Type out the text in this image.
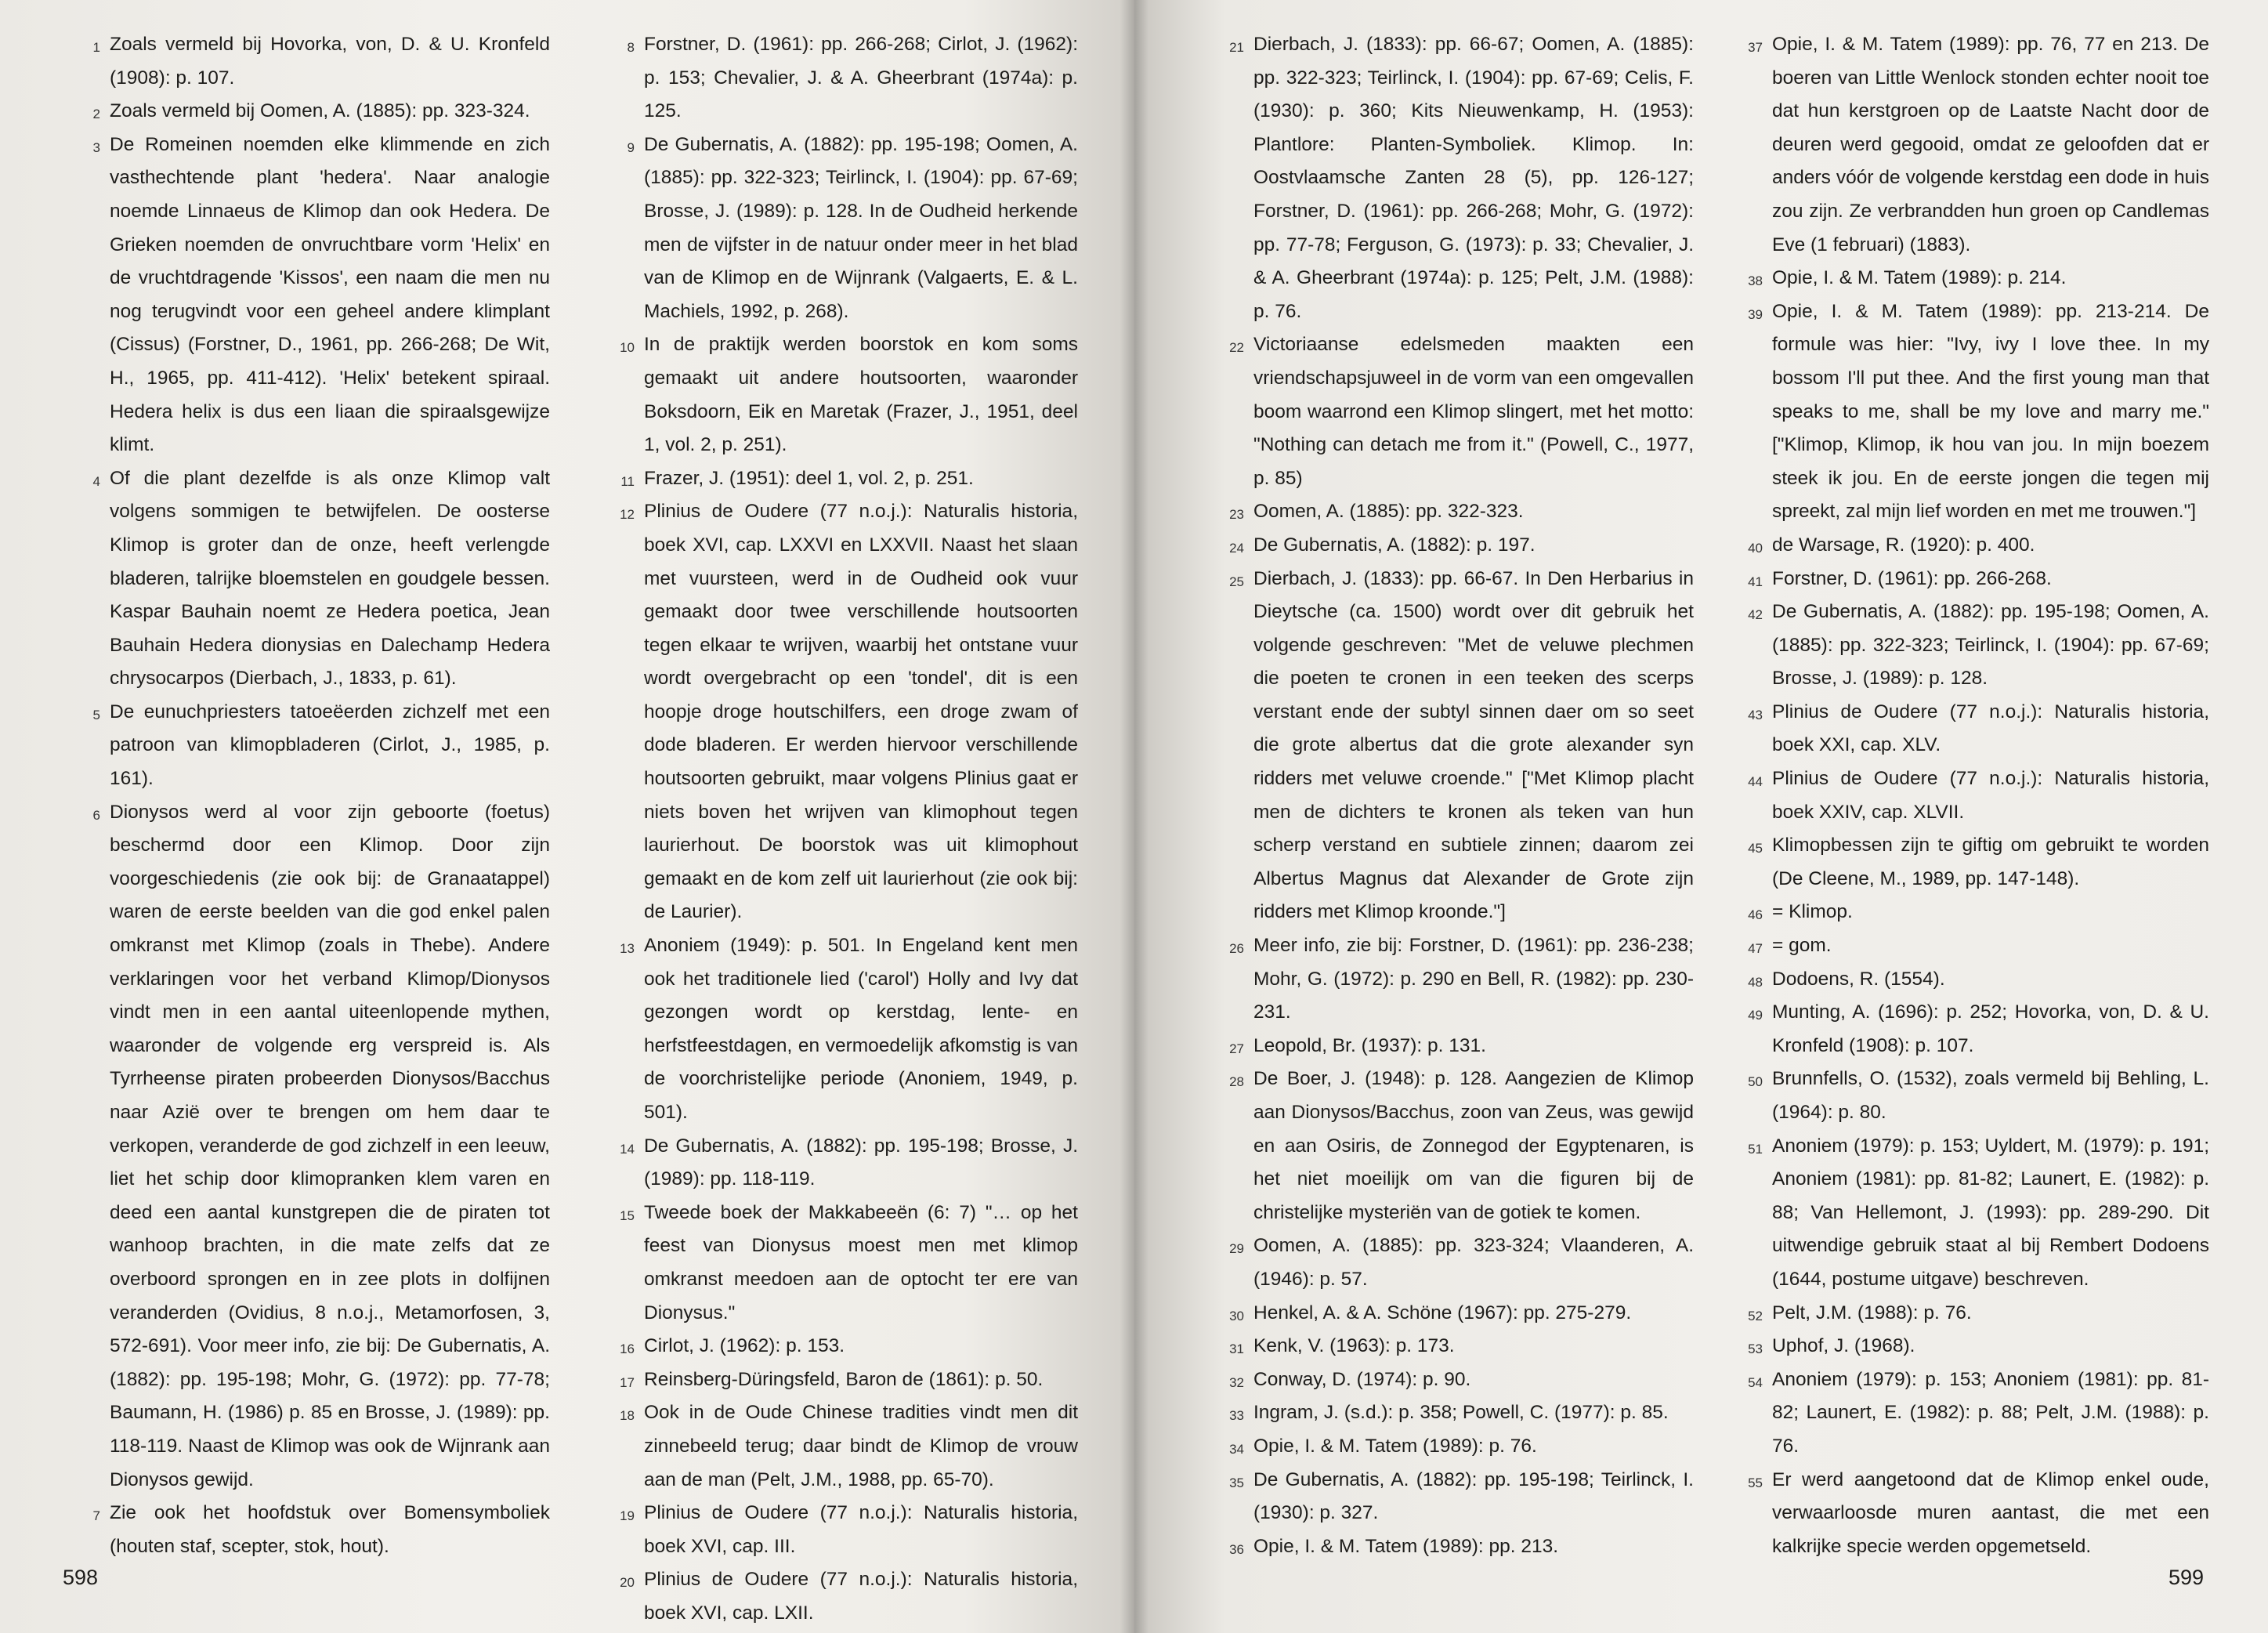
1 Zoals vermeld bij Hovorka, von, D. & U. Kronfeld (1908): p. 107.

2 Zoals vermeld bij Oomen, A. (1885): pp. 323-324.

3 De Romeinen noemden elke klimmende en zich vasthechtende plant 'hedera'. Naar analogie noemde Linnaeus de Klimop dan ook Hedera. De Grieken noemden de onvruchtbare vorm 'Helix' en de vruchtdragende 'Kissos', een naam die men nu nog terugvindt voor een geheel andere klimplant (Cissus) (Forstner, D., 1961, pp. 266-268; De Wit, H., 1965, pp. 411-412). 'Helix' betekent spiraal. Hedera helix is dus een liaan die spiraalsgewijze klimt.

4 Of die plant dezelfde is als onze Klimop valt volgens sommigen te betwijfelen. De oosterse Klimop is groter dan de onze, heeft verlengde bladeren, talrijke bloemstelen en goudgele bessen. Kaspar Bauhain noemt ze Hedera poetica, Jean Bauhain Hedera dionysias en Dalechamp Hedera chrysocarpos (Dierbach, J., 1833, p. 61).

5 De eunuchpriesters tatoeëerden zichzelf met een patroon van klimopbladeren (Cirlot, J., 1985, p. 161).

6 Dionysos werd al voor zijn geboorte (foetus) beschermd door een Klimop. Door zijn voorgeschiedenis (zie ook bij: de Granaatappel) waren de eerste beelden van die god enkel palen omkranst met Klimop (zoals in Thebe). Andere verklaringen voor het verband Klimop/Dionysos vindt men in een aantal uiteenlopende mythen, waaronder de volgende erg verspreid is. Als Tyrrheense piraten probeerden Dionysos/Bacchus naar Azië over te brengen om hem daar te verkopen, veranderde de god zichzelf in een leeuw, liet het schip door klimopranken klem varen en deed een aantal kunstgrepen die de piraten tot wanhoop brachten, in die mate zelfs dat ze overboord sprongen en in zee plots in dolfijnen veranderden (Ovidius, 8 n.o.j., Metamorfosen, 3, 572-691). Voor meer info, zie bij: De Gubernatis, A. (1882): pp. 195-198; Mohr, G. (1972): pp. 77-78; Baumann, H. (1986) p. 85 en Brosse, J. (1989): pp. 118-119. Naast de Klimop was ook de Wijnrank aan Dionysos gewijd.

7 Zie ook het hoofdstuk over Bomensymboliek (houten staf, scepter, stok, hout).

8 Forstner, D. (1961): pp. 266-268; Cirlot, J. (1962): p. 153; Chevalier, J. & A. Gheerbrant (1974a): p. 125.

9 De Gubernatis, A. (1882): pp. 195-198; Oomen, A. (1885): pp. 322-323; Teirlinck, I. (1904): pp. 67-69; Brosse, J. (1989): p. 128. In de Oudheid herkende men de vijfster in de natuur onder meer in het blad van de Klimop en de Wijnrank (Valgaerts, E. & L. Machiels, 1992, p. 268).

10 In de praktijk werden boorstok en kom soms gemaakt uit andere houtsoorten, waaronder Boksdoorn, Eik en Maretak (Frazer, J., 1951, deel 1, vol. 2, p. 251).

11 Frazer, J. (1951): deel 1, vol. 2, p. 251.

12 Plinius de Oudere (77 n.o.j.): Naturalis historia, boek XVI, cap. LXXVI en LXXVII. Naast het slaan met vuursteen, werd in de Oudheid ook vuur gemaakt door twee verschillende houtsoorten tegen elkaar te wrijven, waarbij het ontstane vuur wordt overgebracht op een 'tondel', dit is een hoopje droge houtschilfers, een droge zwam of dode bladeren. Er werden hiervoor verschillende houtsoorten gebruikt, maar volgens Plinius gaat er niets boven het wrijven van klimophout tegen laurierhout. De boorstok was uit klimophout gemaakt en de kom zelf uit laurierhout (zie ook bij: de Laurier).

13 Anoniem (1949): p. 501. In Engeland kent men ook het traditionele lied ('carol') Holly and Ivy dat gezongen wordt op kerstdag, lente- en herfstfeestdagen, en vermoedelijk afkomstig is van de voorchristelijke periode (Anoniem, 1949, p. 501).

14 De Gubernatis, A. (1882): pp. 195-198; Brosse, J. (1989): pp. 118-119.

15 Tweede boek der Makkabeeën (6: 7) "… op het feest van Dionysus moest men met klimop omkranst meedoen aan de optocht ter ere van Dionysus."

16 Cirlot, J. (1962): p. 153.

17 Reinsberg-Düringsfeld, Baron de (1861): p. 50.

18 Ook in de Oude Chinese tradities vindt men dit zinnebeeld terug; daar bindt de Klimop de vrouw aan de man (Pelt, J.M., 1988, pp. 65-70).

19 Plinius de Oudere (77 n.o.j.): Naturalis historia, boek XVI, cap. III.

20 Plinius de Oudere (77 n.o.j.): Naturalis historia, boek XVI, cap. LXII.

598

21 Dierbach, J. (1833): pp. 66-67; Oomen, A. (1885): pp. 322-323; Teirlinck, I. (1904): pp. 67-69; Celis, F. (1930): p. 360; Kits Nieuwenkamp, H. (1953): Plantlore: Planten-Symboliek. Klimop. In: Oostvlaamsche Zanten 28 (5), pp. 126-127; Forstner, D. (1961): pp. 266-268; Mohr, G. (1972): pp. 77-78; Ferguson, G. (1973): p. 33; Chevalier, J. & A. Gheerbrant (1974a): p. 125; Pelt, J.M. (1988): p. 76.

22 Victoriaanse edelsmeden maakten een vriendschapsjuweel in de vorm van een omgevallen boom waarrond een Klimop slingert, met het motto: "Nothing can detach me from it." (Powell, C., 1977, p. 85)

23 Oomen, A. (1885): pp. 322-323.

24 De Gubernatis, A. (1882): p. 197.

25 Dierbach, J. (1833): pp. 66-67. In Den Herbarius in Dieytsche (ca. 1500) wordt over dit gebruik het volgende geschreven: "Met de veluwe plechmen die poeten te cronen in een teeken des scerps verstant ende der subtyl sinnen daer om so seet die grote albertus dat die grote alexander syn ridders met veluwe croende." ["Met Klimop placht men de dichters te kronen als teken van hun scherp verstand en subtiele zinnen; daarom zei Albertus Magnus dat Alexander de Grote zijn ridders met Klimop kroonde."]

26 Meer info, zie bij: Forstner, D. (1961): pp. 236-238; Mohr, G. (1972): p. 290 en Bell, R. (1982): pp. 230-231.

27 Leopold, Br. (1937): p. 131.

28 De Boer, J. (1948): p. 128. Aangezien de Klimop aan Dionysos/Bacchus, zoon van Zeus, was gewijd en aan Osiris, de Zonnegod der Egyptenaren, is het niet moeilijk om van die figuren bij de christelijke mysteriën van de gotiek te komen.

29 Oomen, A. (1885): pp. 323-324; Vlaanderen, A. (1946): p. 57.

30 Henkel, A. & A. Schöne (1967): pp. 275-279.

31 Kenk, V. (1963): p. 173.

32 Conway, D. (1974): p. 90.

33 Ingram, J. (s.d.): p. 358; Powell, C. (1977): p. 85.

34 Opie, I. & M. Tatem (1989): p. 76.

35 De Gubernatis, A. (1882): pp. 195-198; Teirlinck, I. (1930): p. 327.

36 Opie, I. & M. Tatem (1989): pp. 213.

37 Opie, I. & M. Tatem (1989): pp. 76, 77 en 213. De boeren van Little Wenlock stonden echter nooit toe dat hun kerstgroen op de Laatste Nacht door de deuren werd gegooid, omdat ze geloofden dat er anders vóór de volgende kerstdag een dode in huis zou zijn. Ze verbrandden hun groen op Candlemas Eve (1 februari) (1883).

38 Opie, I. & M. Tatem (1989): p. 214.

39 Opie, I. & M. Tatem (1989): pp. 213-214. De formule was hier: "Ivy, ivy I love thee. In my bossom I'll put thee. And the first young man that speaks to me, shall be my love and marry me." ["Klimop, Klimop, ik hou van jou. In mijn boezem steek ik jou. En de eerste jongen die tegen mij spreekt, zal mijn lief worden en met me trouwen."]

40 de Warsage, R. (1920): p. 400.

41 Forstner, D. (1961): pp. 266-268.

42 De Gubernatis, A. (1882): pp. 195-198; Oomen, A. (1885): pp. 322-323; Teirlinck, I. (1904): pp. 67-69; Brosse, J. (1989): p. 128.

43 Plinius de Oudere (77 n.o.j.): Naturalis historia, boek XXI, cap. XLV.

44 Plinius de Oudere (77 n.o.j.): Naturalis historia, boek XXIV, cap. XLVII.

45 Klimopbessen zijn te giftig om gebruikt te worden (De Cleene, M., 1989, pp. 147-148).

46 = Klimop.

47 = gom.

48 Dodoens, R. (1554).

49 Munting, A. (1696): p. 252; Hovorka, von, D. & U. Kronfeld (1908): p. 107.

50 Brunnfells, O. (1532), zoals vermeld bij Behling, L. (1964): p. 80.

51 Anoniem (1979): p. 153; Uyldert, M. (1979): p. 191; Anoniem (1981): pp. 81-82; Launert, E. (1982): p. 88; Van Hellemont, J. (1993): pp. 289-290. Dit uitwendige gebruik staat al bij Rembert Dodoens (1644, postume uitgave) beschreven.

52 Pelt, J.M. (1988): p. 76.

53 Uphof, J. (1968).

54 Anoniem (1979): p. 153; Anoniem (1981): pp. 81-82; Launert, E. (1982): p. 88; Pelt, J.M. (1988): p. 76.

55 Er werd aangetoond dat de Klimop enkel oude, verwaarloosde muren aantast, die met een kalkrijke specie werden opgemetseld.

599
